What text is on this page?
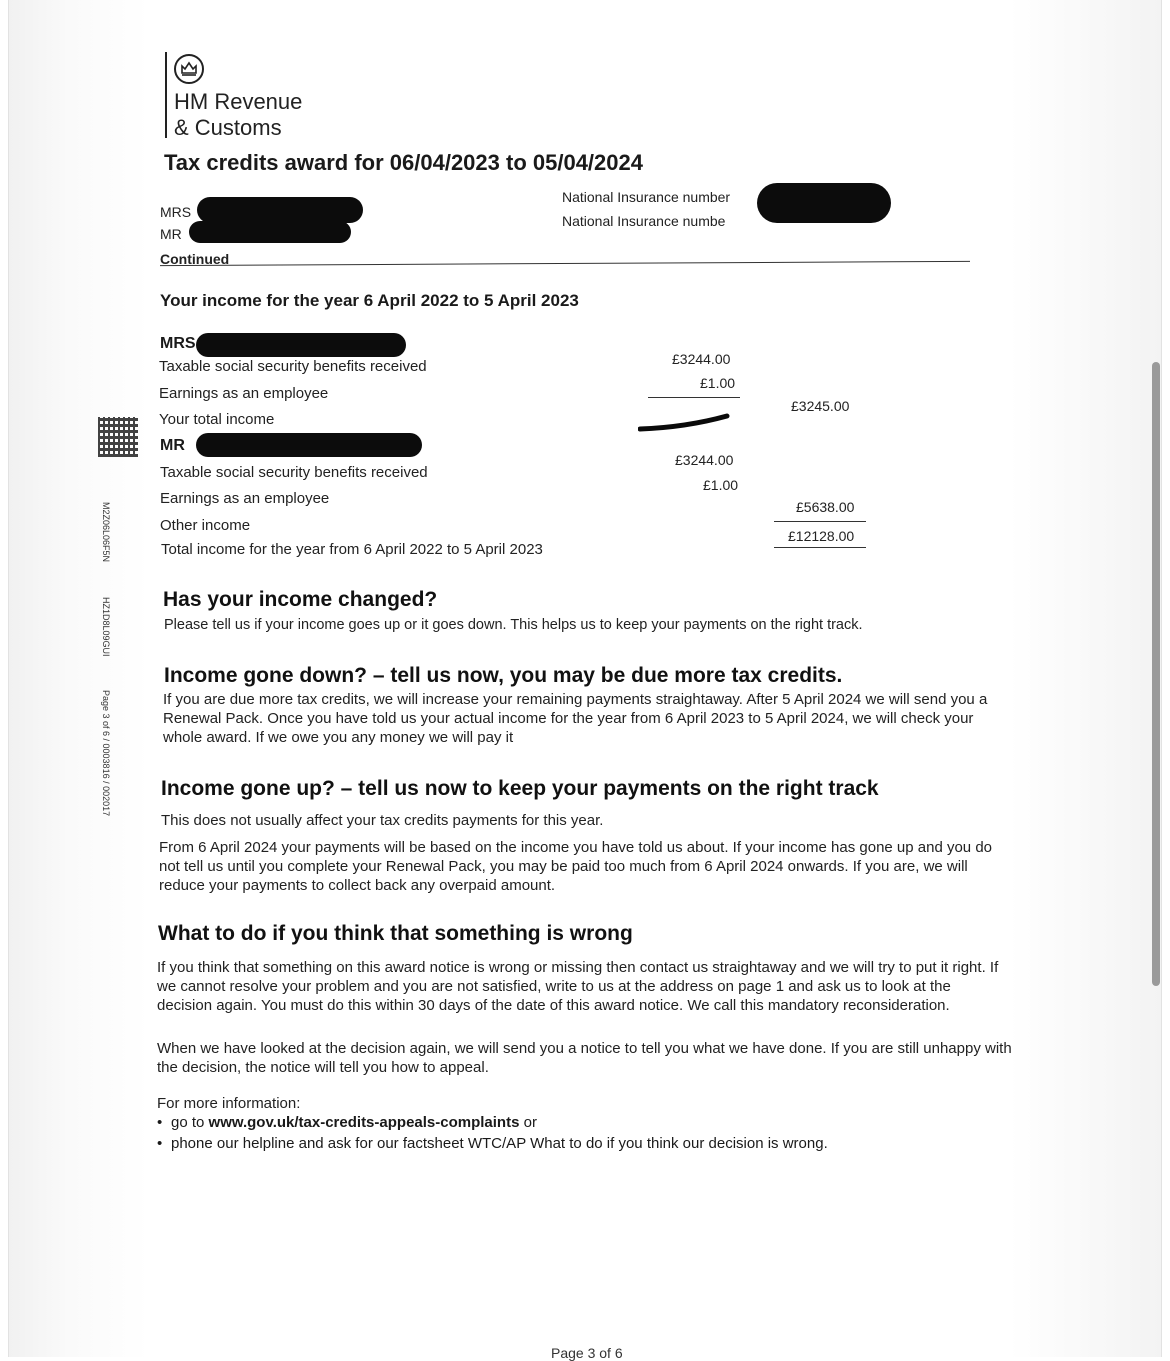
HM Revenue
& Customs
Tax credits award for 06/04/2023 to 05/04/2024
MRS
MR
National Insurance number
National Insurance numbe
Continued
Your income for the year 6 April 2022 to 5 April 2023
MRS
Taxable social security benefits received	£3244.00
Earnings as an employee
£1.00
Your total income
£3245.00
MR
Taxable social security benefits received
£3244.00
Earnings as an employee
£1.00
Other income
£5638.00
Total income for the year from 6 April 2022 to 5 April 2023
£12128.00
Has your income changed?
Please tell us if your income goes up or it goes down. This helps us to keep your payments on the right track.
Income gone down? – tell us now, you may be due more tax credits.
If you are due more tax credits, we will increase your remaining payments straightaway. After 5 April 2024 we will send you a Renewal Pack. Once you have told us your actual income for the year from 6 April 2023 to 5 April 2024, we will check your whole award. If we owe you any money we will pay it
Income gone up? – tell us now to keep your payments on the right track
This does not usually affect your tax credits payments for this year.
From 6 April 2024 your payments will be based on the income you have told us about. If your income has gone up and you do not tell us until you complete your Renewal Pack, you may be paid too much from 6 April 2024 onwards. If you are, we will reduce your payments to collect back any overpaid amount.
What to do if you think that something is wrong
If you think that something on this award notice is wrong or missing then contact us straightaway and we will try to put it right. If we cannot resolve your problem and you are not satisfied, write to us at the address on page 1 and ask us to look at the decision again. You must do this within 30 days of the date of this award notice. We call this mandatory reconsideration.
When we have looked at the decision again, we will send you a notice to tell you what we have done. If you are still unhappy with the decision, the notice will tell you how to appeal.
For more information:
• go to www.gov.uk/tax-credits-appeals-complaints or
• phone our helpline and ask for our factsheet WTC/AP What to do if you think our decision is wrong.
M2Z06L06F5N
HZ1D8L09GUI
Page 3 of 6 / 0003816 / 002017
Page 3 of 6
